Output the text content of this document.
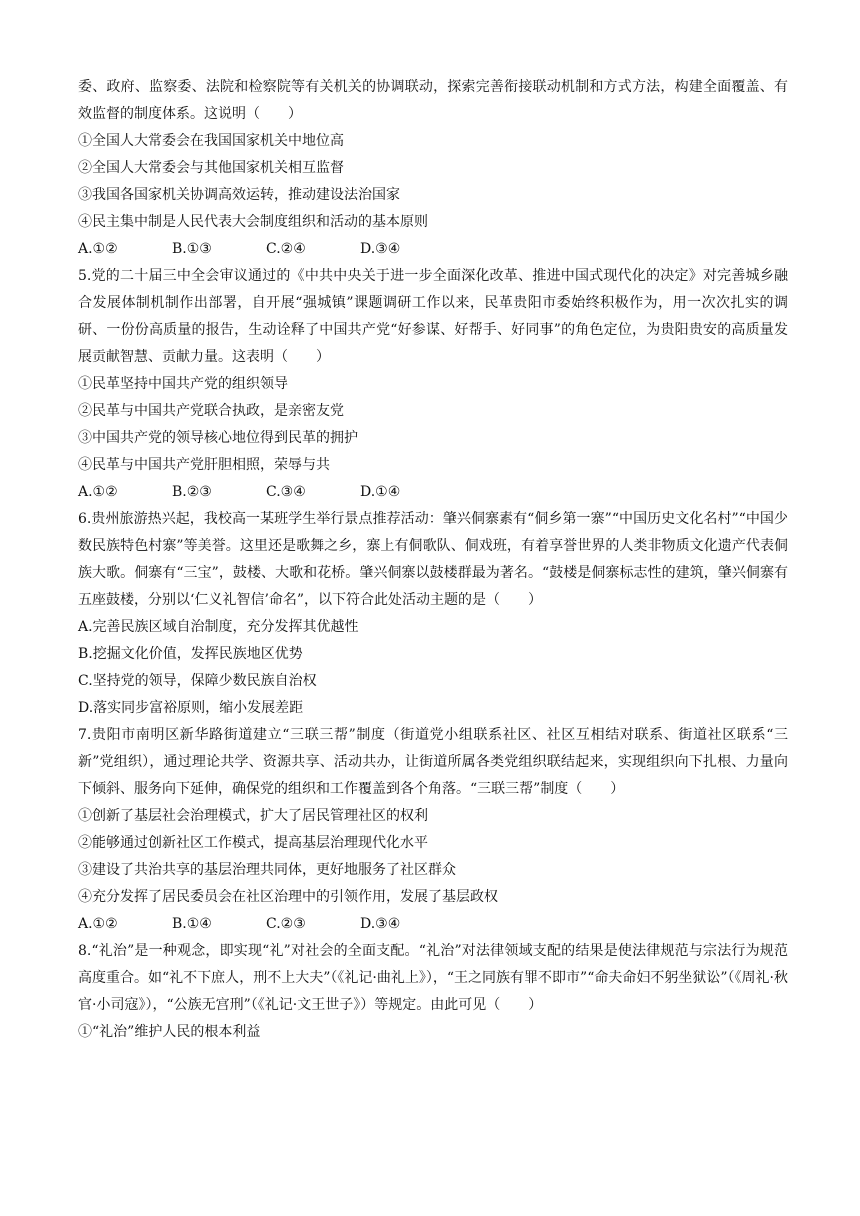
委、政府、监察委、法院和检察院等有关机关的协调联动，探索完善衔接联动机制和方式方法，构建全面覆盖、有效监督的制度体系。这说明（　　）

①全国人大常委会在我国国家机关中地位高

②全国人大常委会与其他国家机关相互监督

③我国各国家机关协调高效运转，推动建设法治国家

④民主集中制是人民代表大会制度组织和活动的基本原则

A.①②	B.①③	C.②④	D.③④

5.党的二十届三中全会审议通过的《中共中央关于进一步全面深化改革、推进中国式现代化的决定》对完善城乡融合发展体制机制作出部署，自开展“强城镇”课题调研工作以来，民革贵阳市委始终积极作为，用一次次扎实的调研、一份份高质量的报告，生动诠释了中国共产党“好参谋、好帮手、好同事”的角色定位，为贵阳贵安的高质量发展贡献智慧、贡献力量。这表明（　　）

①民革坚持中国共产党的组织领导

②民革与中国共产党联合执政，是亲密友党

③中国共产党的领导核心地位得到民革的拥护

④民革与中国共产党肝胆相照，荣辱与共

A.①②	B.②③	C.③④	D.①④

6.贵州旅游热兴起，我校高一某班学生举行景点推荐活动：肇兴侗寨素有“侗乡第一寨”“中国历史文化名村”“中国少数民族特色村寨”等美誉。这里还是歌舞之乡，寨上有侗歌队、侗戏班，有着享誉世界的人类非物质文化遗产代表侗族大歌。侗寨有“三宝”，鼓楼、大歌和花桥。肇兴侗寨以鼓楼群最为著名。“鼓楼是侗寨标志性的建筑，肇兴侗寨有五座鼓楼，分别以‘仁义礼智信’命名”，以下符合此处活动主题的是（　　）

A.完善民族区域自治制度，充分发挥其优越性

B.挖掘文化价值，发挥民族地区优势

C.坚持党的领导，保障少数民族自治权

D.落实同步富裕原则，缩小发展差距

7.贵阳市南明区新华路街道建立“三联三帮”制度（街道党小组联系社区、社区互相结对联系、街道社区联系“三新”党组织），通过理论共学、资源共享、活动共办，让街道所属各类党组织联结起来，实现组织向下扎根、力量向下倾斜、服务向下延伸，确保党的组织和工作覆盖到各个角落。“三联三帮”制度（　　）

①创新了基层社会治理模式，扩大了居民管理社区的权利

②能够通过创新社区工作模式，提高基层治理现代化水平

③建设了共治共享的基层治理共同体，更好地服务了社区群众

④充分发挥了居民委员会在社区治理中的引领作用，发展了基层政权

A.①②	B.①④	C.②③	D.③④

8.“礼治”是一种观念，即实现“礼”对社会的全面支配。“礼治”对法律领域支配的结果是使法律规范与宗法行为规范高度重合。如“礼不下庶人，刑不上大夫”（《礼记·曲礼上》），“王之同族有罪不即市”“命夫命妇不躬坐狱讼”（《周礼·秋官·小司寇》），“公族无宫刑”（《礼记·文王世子》）等规定。由此可见（　　）

①“礼治”维护人民的根本利益
